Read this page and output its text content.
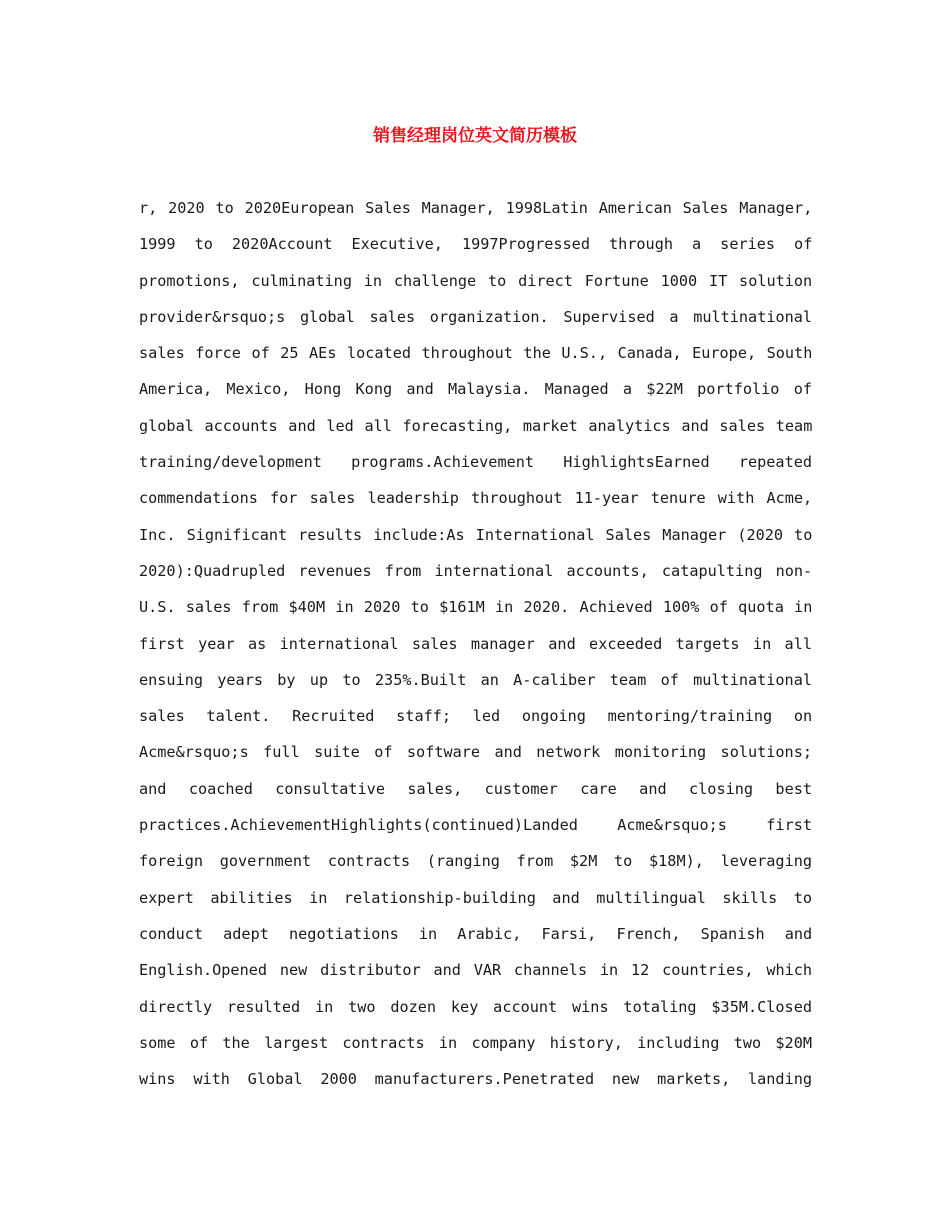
销售经理岗位英文简历模板
r, 2020 to 2020European Sales Manager, 1998Latin American Sales Manager,
1999 to 2020Account Executive, 1997Progressed through a series of
promotions, culminating in challenge to direct Fortune 1000 IT solution
provider&rsquo;s global sales organization. Supervised a multinational
sales force of 25 AEs located throughout the U.S., Canada, Europe, South
America, Mexico, Hong Kong and Malaysia. Managed a $22M portfolio of
global accounts and led all forecasting, market analytics and sales team
training/development programs.Achievement HighlightsEarned repeated
commendations for sales leadership throughout 11-year tenure with Acme,
Inc. Significant results include:As International Sales Manager (2020 to
2020):Quadrupled revenues from international accounts, catapulting non-
U.S. sales from $40M in 2020 to $161M in 2020. Achieved 100% of quota in
first year as international sales manager and exceeded targets in all
ensuing years by up to 235%.Built an A-caliber team of multinational
sales talent. Recruited staff; led ongoing mentoring/training on
Acme&rsquo;s full suite of software and network monitoring solutions;
and coached consultative sales, customer care and closing best
practices.AchievementHighlights(continued)Landed Acme&rsquo;s first
foreign government contracts (ranging from $2M to $18M), leveraging
expert abilities in relationship-building and multilingual skills to
conduct adept negotiations in Arabic, Farsi, French, Spanish and
English.Opened new distributor and VAR channels in 12 countries, which
directly resulted in two dozen key account wins totaling $35M.Closed
some of the largest contracts in company history, including two $20M
wins with Global 2000 manufacturers.Penetrated new markets, landing
